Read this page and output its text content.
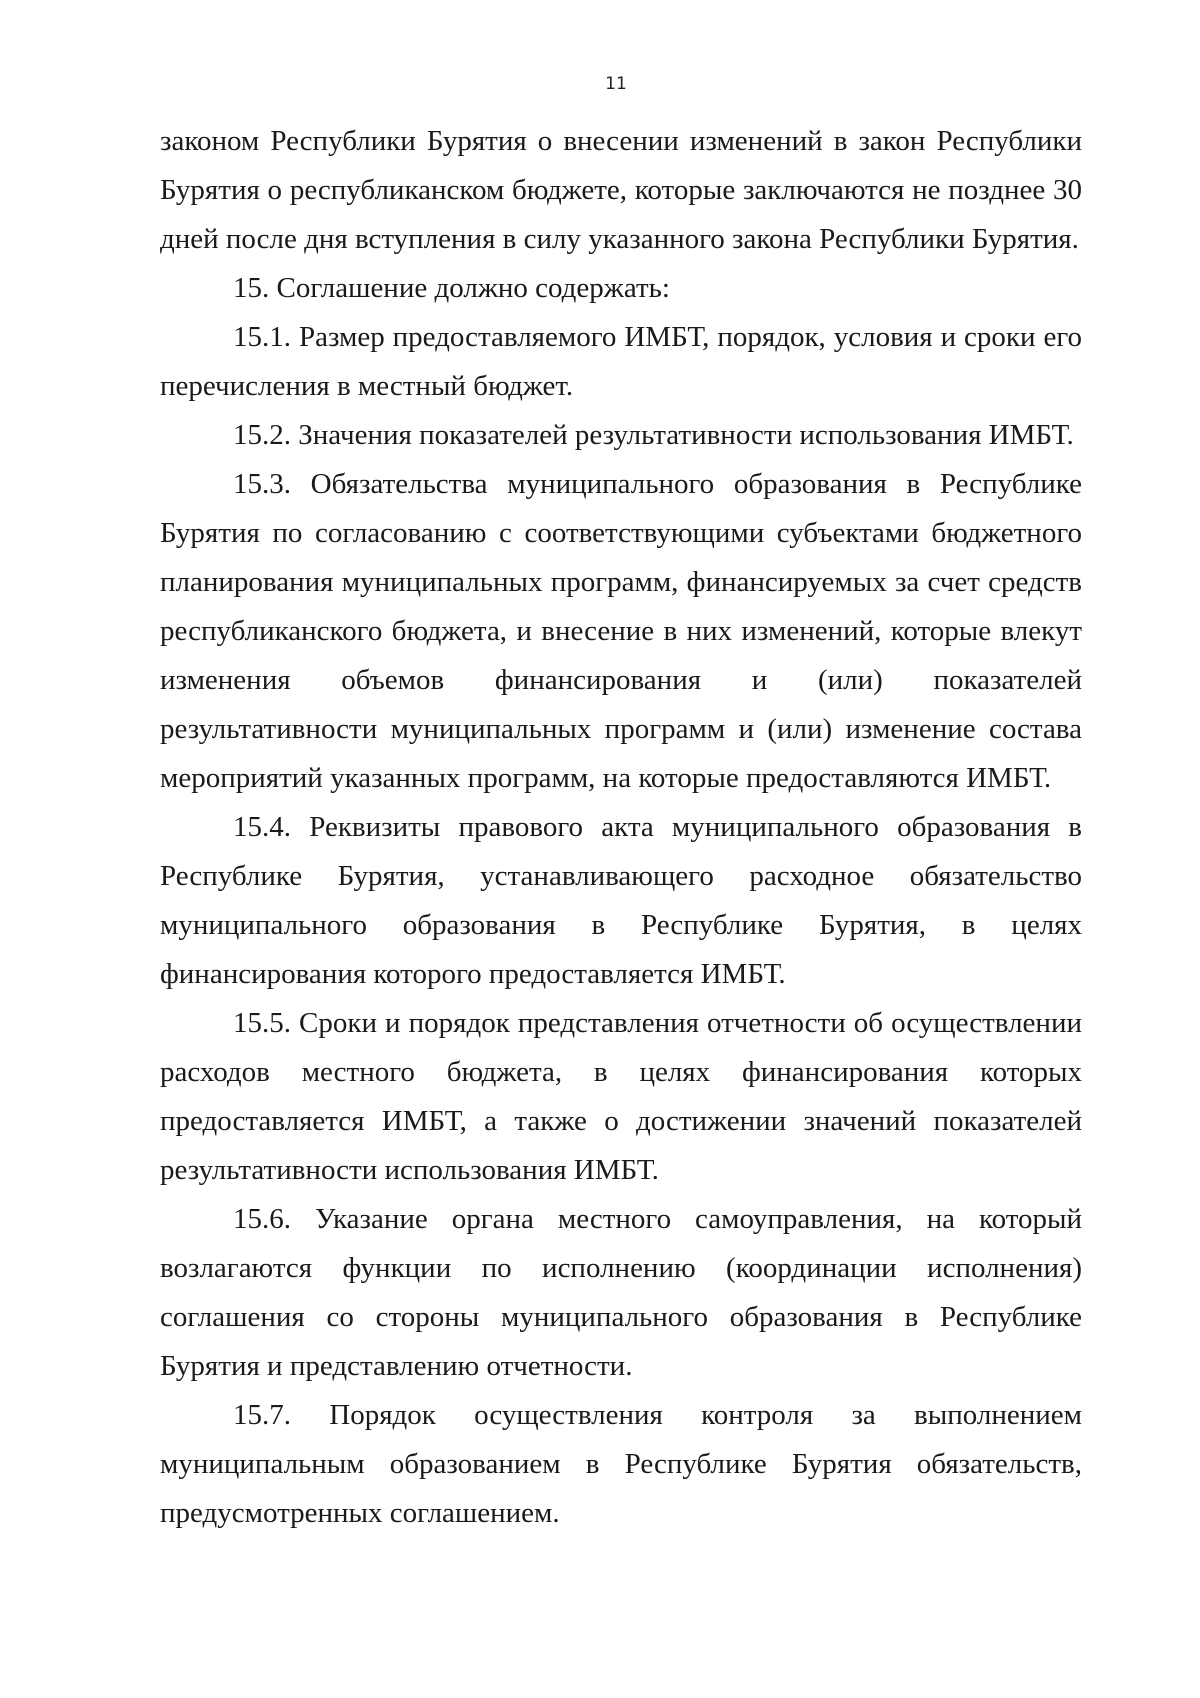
11

законом Республики Бурятия о внесении изменений в закон Республики Бурятия о республиканском бюджете, которые заключаются не позднее 30 дней после дня вступления в силу указанного закона Республики Бурятия.

15. Соглашение должно содержать:

15.1. Размер предоставляемого ИМБТ, порядок, условия и сроки его перечисления в местный бюджет.

15.2. Значения показателей результативности использования ИМБТ.

15.3. Обязательства муниципального образования в Республике Бурятия по согласованию с соответствующими субъектами бюджетного планирования муниципальных программ, финансируемых за счет средств республиканского бюджета, и внесение в них изменений, которые влекут изменения объемов финансирования и (или) показателей результативности муниципальных программ и (или) изменение состава мероприятий указанных программ, на которые предоставляются ИМБТ.

15.4. Реквизиты правового акта муниципального образования в Республике Бурятия, устанавливающего расходное обязательство муниципального образования в Республике Бурятия, в целях финансирования которого предоставляется ИМБТ.

15.5. Сроки и порядок представления отчетности об осуществлении расходов местного бюджета, в целях финансирования которых предоставляется ИМБТ, а также о достижении значений показателей результативности использования ИМБТ.

15.6. Указание органа местного самоуправления, на который возлагаются функции по исполнению (координации исполнения) соглашения со стороны муниципального образования в Республике Бурятия и представлению отчетности.

15.7. Порядок осуществления контроля за выполнением муниципальным образованием в Республике Бурятия обязательств, предусмотренных соглашением.
